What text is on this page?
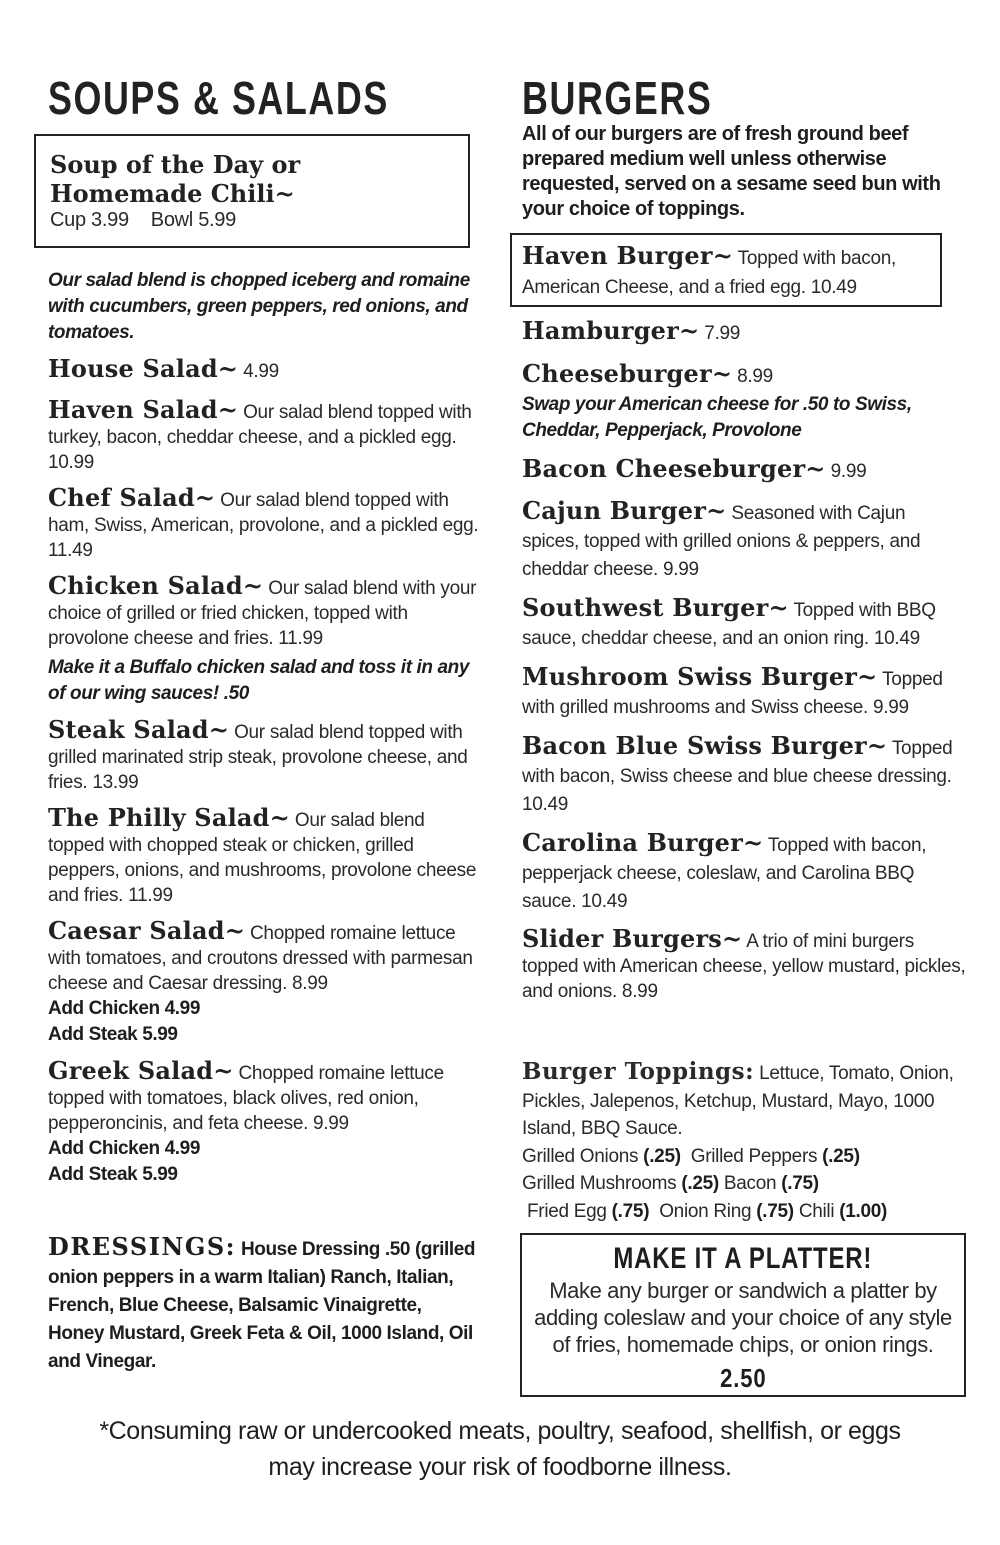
SOUPS & SALADS
Soup of the Day or
Homemade Chili~
Cup 3.99 Bowl 5.99
Our salad blend is chopped iceberg and romaine with cucumbers, green peppers, red onions, and tomatoes.
House Salad~ 4.99
Haven Salad~ Our salad blend topped with turkey, bacon, cheddar cheese, and a pickled egg. 10.99
Chef Salad~ Our salad blend topped with ham, Swiss, American, provolone, and a pickled egg. 11.49
Chicken Salad~ Our salad blend with your choice of grilled or fried chicken, topped with provolone cheese and fries. 11.99
Make it a Buffalo chicken salad and toss it in any of our wing sauces! .50
Steak Salad~ Our salad blend topped with grilled marinated strip steak, provolone cheese, and fries. 13.99
The Philly Salad~ Our salad blend topped with chopped steak or chicken, grilled peppers, onions, and mushrooms, provolone cheese and fries. 11.99
Caesar Salad~ Chopped romaine lettuce with tomatoes, and croutons dressed with parmesan cheese and Caesar dressing. 8.99
Add Chicken 4.99
Add Steak 5.99
Greek Salad~ Chopped romaine lettuce topped with tomatoes, black olives, red onion, pepperoncinis, and feta cheese. 9.99
Add Chicken 4.99
Add Steak 5.99
DRESSINGS: House Dressing .50 (grilled onion peppers in a warm Italian) Ranch, Italian, French, Blue Cheese, Balsamic Vinaigrette, Honey Mustard, Greek Feta & Oil, 1000 Island, Oil and Vinegar.
BURGERS
All of our burgers are of fresh ground beef prepared medium well unless otherwise requested, served on a sesame seed bun with your choice of toppings.
Haven Burger~ Topped with bacon, American Cheese, and a fried egg. 10.49
Hamburger~ 7.99
Cheeseburger~ 8.99
Swap your American cheese for .50 to Swiss, Cheddar, Pepperjack, Provolone
Bacon Cheeseburger~ 9.99
Cajun Burger~ Seasoned with Cajun spices, topped with grilled onions & peppers, and cheddar cheese. 9.99
Southwest Burger~ Topped with BBQ sauce, cheddar cheese, and an onion ring. 10.49
Mushroom Swiss Burger~ Topped with grilled mushrooms and Swiss cheese. 9.99
Bacon Blue Swiss Burger~ Topped with bacon, Swiss cheese and blue cheese dressing. 10.49
Carolina Burger~ Topped with bacon, pepperjack cheese, coleslaw, and Carolina BBQ sauce. 10.49
Slider Burgers~ A trio of mini burgers topped with American cheese, yellow mustard, pickles, and onions. 8.99
Burger Toppings: Lettuce, Tomato, Onion, Pickles, Jalepenos, Ketchup, Mustard, Mayo, 1000 Island, BBQ Sauce.
Grilled Onions (.25) Grilled Peppers (.25)
Grilled Mushrooms (.25) Bacon (.75)
Fried Egg (.75) Onion Ring (.75) Chili (1.00)
MAKE IT A PLATTER!
Make any burger or sandwich a platter by adding coleslaw and your choice of any style of fries, homemade chips, or onion rings.
2.50
*Consuming raw or undercooked meats, poultry, seafood, shellfish, or eggs
may increase your risk of foodborne illness.
